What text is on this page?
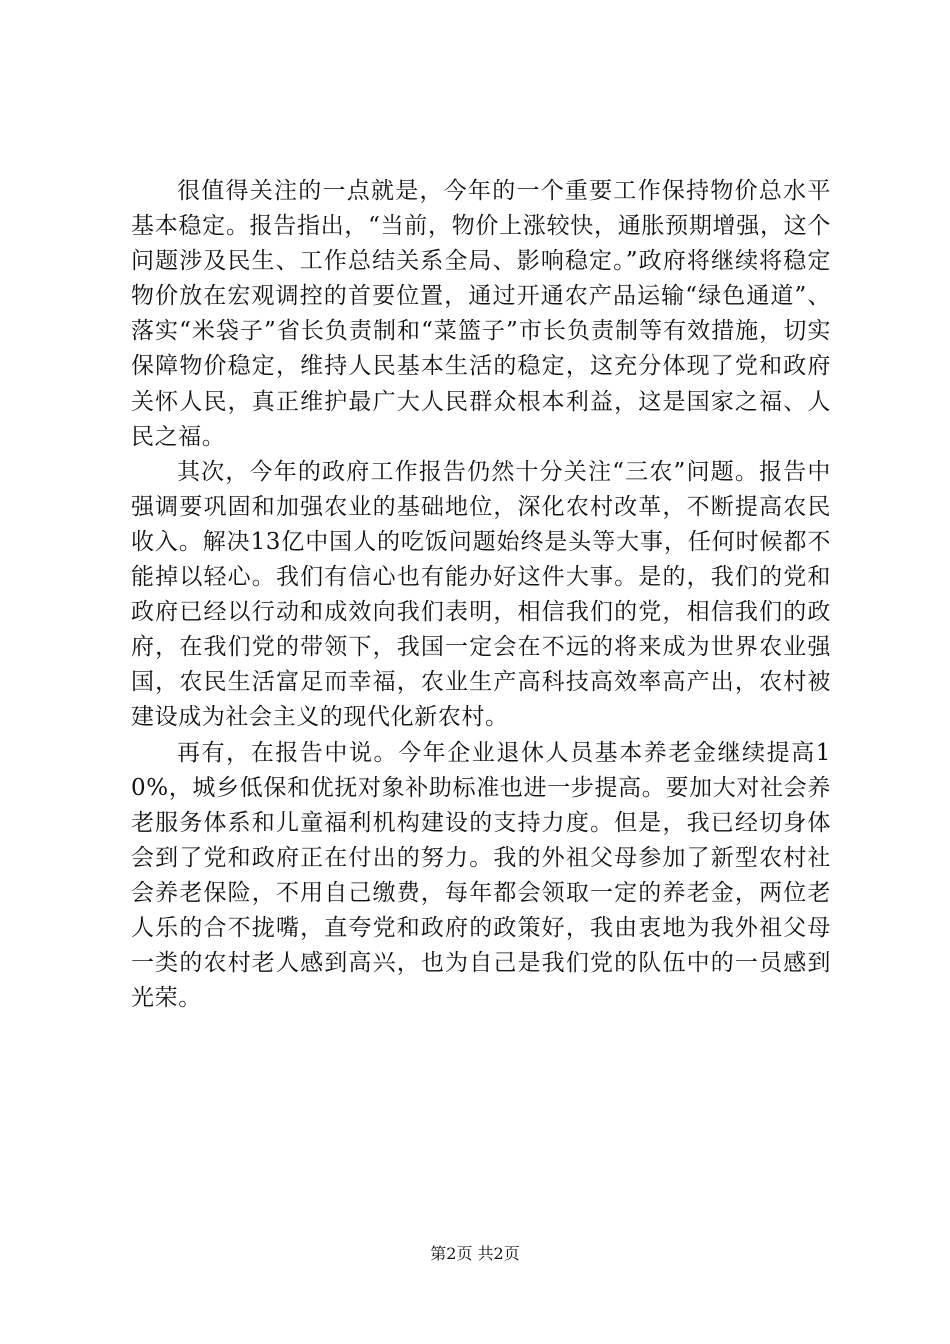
很值得关注的一点就是，今年的一个重要工作保持物价总水平基本稳定。报告指出，“当前，物价上涨较快，通胀预期增强，这个问题涉及民生、工作总结关系全局、影响稳定。”政府将继续将稳定物价放在宏观调控的首要位置，通过开通农产品运输“绿色通道”、落实“米袋子”省长负责制和“菜篮子”市长负责制等有效措施，切实保障物价稳定，维持人民基本生活的稳定，这充分体现了党和政府关怀人民，真正维护最广大人民群众根本利益，这是国家之福、人民之福。

其次，今年的政府工作报告仍然十分关注“三农”问题。报告中强调要巩固和加强农业的基础地位，深化农村改革，不断提高农民收入。解决13亿中国人的吃饭问题始终是头等大事，任何时候都不能掉以轻心。我们有信心也有能办好这件大事。是的，我们的党和政府已经以行动和成效向我们表明，相信我们的党，相信我们的政府，在我们党的带领下，我国一定会在不远的将来成为世界农业强国，农民生活富足而幸福，农业生产高科技高效率高产出，农村被建设成为社会主义的现代化新农村。

再有，在报告中说。今年企业退休人员基本养老金继续提高10%，城乡低保和优抚对象补助标准也进一步提高。要加大对社会养老服务体系和儿童福利机构建设的支持力度。但是，我已经切身体会到了党和政府正在付出的努力。我的外祖父母参加了新型农村社会养老保险，不用自己缴费，每年都会领取一定的养老金，两位老人乐的合不拢嘴，直夸党和政府的政策好，我由衷地为我外祖父母一类的农村老人感到高兴，也为自己是我们党的队伍中的一员感到光荣。

第2页 共2页
